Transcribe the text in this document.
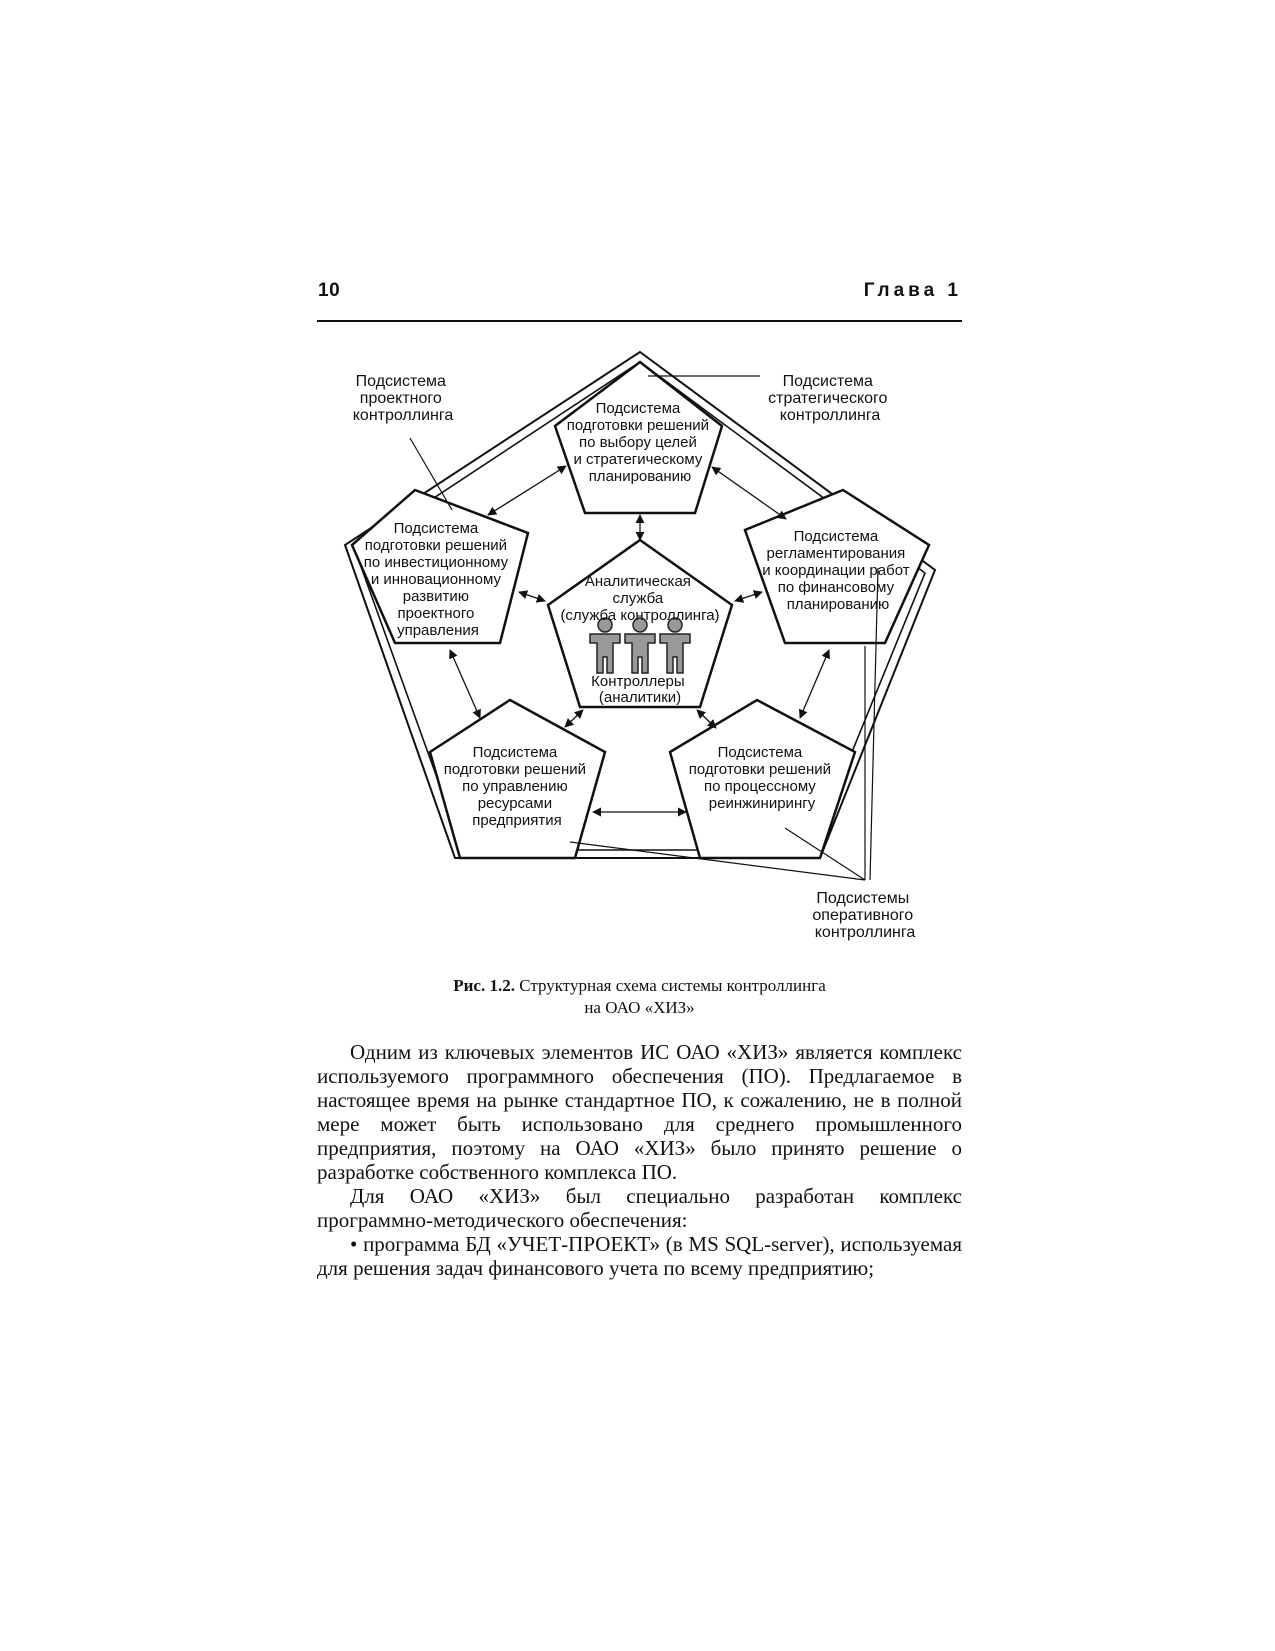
10	Глава 1
Подсистема подготовки решений по выбору целей и стратегическому планированию
Подсистема подготовки решений по инвестиционному и инновационному развитию проектного управления
Подсистема регламентирования и координации работ по финансовому планированию
Подсистема подготовки решений по управлению ресурсами предприятия
Подсистема подготовки решений по процессному реинжинирингу
Аналитическая служба (служба контроллинга)
Контроллеры (аналитики)
Подсистема проектного контроллинга
Подсистема стратегического контроллинга
Подсистемы оперативного контроллинга
Рис. 1.2. Структурная схема системы контроллинга
на ОАО «ХИЗ»

Одним из ключевых элементов ИС ОАО «ХИЗ» является комплекс используемого программного обеспечения (ПО). Предлагаемое в настоящее время на рынке стандартное ПО, к сожалению, не в полной мере может быть использовано для среднего промышленного предприятия, поэтому на ОАО «ХИЗ» было принято решение о разработке собственного комплекса ПО.

Для ОАО «ХИЗ» был специально разработан комплекс программно-методического обеспечения:

• программа БД «УЧЕТ-ПРОЕКТ» (в MS SQL-server), используемая для решения задач финансового учета по всему предприятию;
